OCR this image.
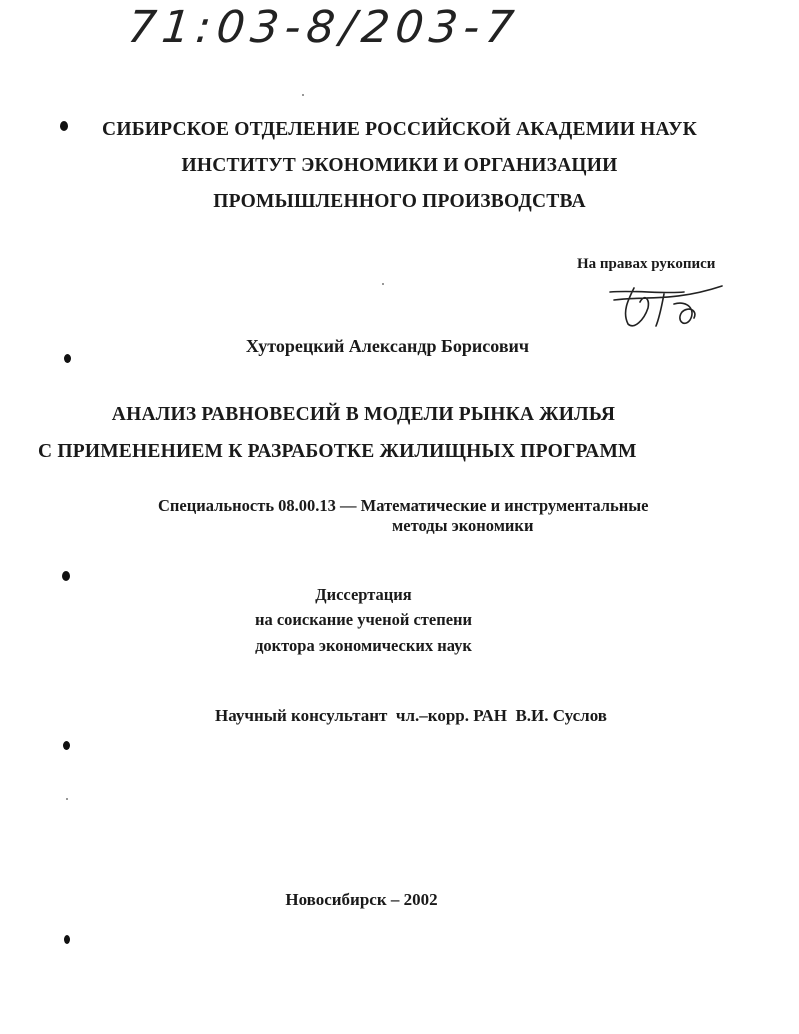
71:03-8/203-7
СИБИРСКОЕ ОТДЕЛЕНИЕ РОССИЙСКОЙ АКАДЕМИИ НАУК
ИНСТИТУТ ЭКОНОМИКИ И ОРГАНИЗАЦИИ
ПРОМЫШЛЕННОГО ПРОИЗВОДСТВА
На правах рукописи
Хуторецкий Александр Борисович
АНАЛИЗ РАВНОВЕСИЙ В МОДЕЛИ РЫНКА ЖИЛЬЯ
С ПРИМЕНЕНИЕМ К РАЗРАБОТКЕ ЖИЛИЩНЫХ ПРОГРАММ
Специальность 08.00.13 — Математические и инструментальные
методы экономики
Диссертация
на соискание ученой степени
доктора экономических наук
Научный консультант  чл.–корр. РАН  В.И. Суслов
Новосибирск – 2002
